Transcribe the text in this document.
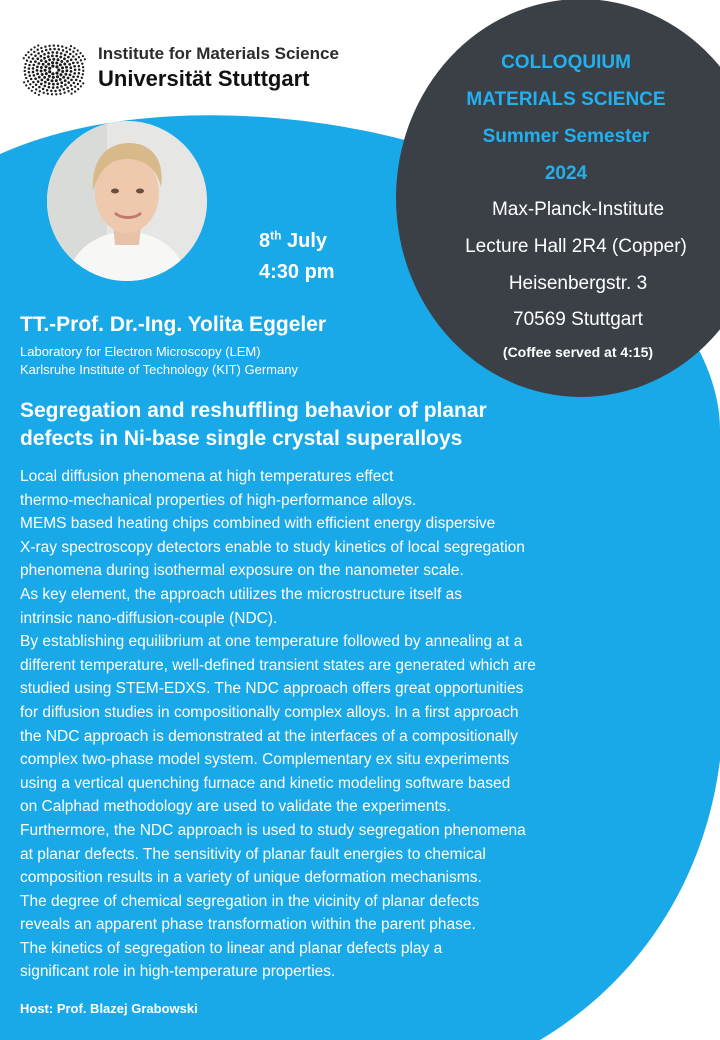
Institute for Materials Science
Universität Stuttgart
COLLOQUIUM
MATERIALS SCIENCE
Summer Semester
2024
Max-Planck-Institute
Lecture Hall 2R4 (Copper)
Heisenbergstr. 3
70569 Stuttgart
(Coffee served at 4:15)
8th July
4:30 pm
TT.-Prof. Dr.-Ing. Yolita Eggeler
Laboratory for Electron Microscopy (LEM)
Karlsruhe Institute of Technology (KIT) Germany
Segregation and reshuffling behavior of planar
defects in Ni-base single crystal superalloys
Local diffusion phenomena at high temperatures effect
thermo-mechanical properties of high-performance alloys.
MEMS based heating chips combined with efficient energy dispersive
X-ray spectroscopy detectors enable to study kinetics of local segregation
phenomena during isothermal exposure on the nanometer scale.
As key element, the approach utilizes the microstructure itself as
intrinsic nano-diffusion-couple (NDC).
By establishing equilibrium at one temperature followed by annealing at a
different temperature, well-defined transient states are generated which are
studied using STEM-EDXS. The NDC approach offers great opportunities
for diffusion studies in compositionally complex alloys. In a first approach
the NDC approach is demonstrated at the interfaces of a compositionally
complex two-phase model system. Complementary ex situ experiments
using a vertical quenching furnace and kinetic modeling software based
on Calphad methodology are used to validate the experiments.
Furthermore, the NDC approach is used to study segregation phenomena
at planar defects. The sensitivity of planar fault energies to chemical
composition results in a variety of unique deformation mechanisms.
The degree of chemical segregation in the vicinity of planar defects
reveals an apparent phase transformation within the parent phase.
The kinetics of segregation to linear and planar defects play a
significant role in high-temperature properties.
Host: Prof. Blazej Grabowski
